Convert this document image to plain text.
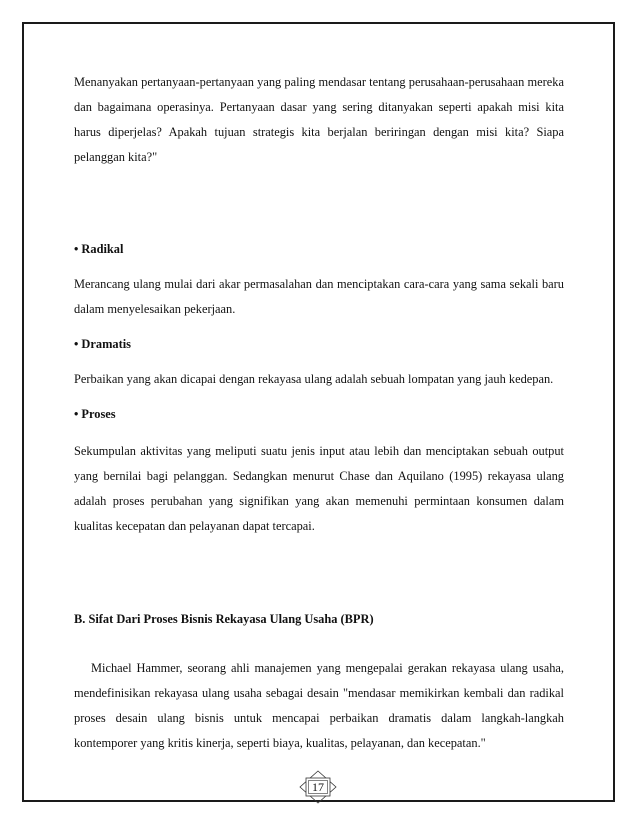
Menanyakan pertanyaan-pertanyaan yang paling mendasar tentang perusahaan-perusahaan mereka dan bagaimana operasinya. Pertanyaan dasar yang sering ditanyakan seperti apakah misi kita harus diperjelas? Apakah tujuan strategis kita berjalan beriringan dengan misi kita? Siapa pelanggan kita?"

• Radikal

Merancang ulang mulai dari akar permasalahan dan menciptakan cara-cara yang sama sekali baru dalam menyelesaikan pekerjaan.

• Dramatis

Perbaikan yang akan dicapai dengan rekayasa ulang adalah sebuah lompatan yang jauh kedepan.

• Proses

Sekumpulan aktivitas yang meliputi suatu jenis input atau lebih dan menciptakan sebuah output yang bernilai bagi pelanggan. Sedangkan menurut Chase dan Aquilano (1995) rekayasa ulang adalah proses perubahan yang signifikan yang akan memenuhi permintaan konsumen dalam kualitas kecepatan dan pelayanan dapat tercapai.

B. Sifat Dari Proses Bisnis Rekayasa Ulang Usaha (BPR)

Michael Hammer, seorang ahli manajemen yang mengepalai gerakan rekayasa ulang usaha, mendefinisikan rekayasa ulang usaha sebagai desain "mendasar memikirkan kembali dan radikal proses desain ulang bisnis untuk mencapai perbaikan dramatis dalam langkah-langkah kontemporer yang kritis kinerja, seperti biaya, kualitas, pelayanan, dan kecepatan."

17
